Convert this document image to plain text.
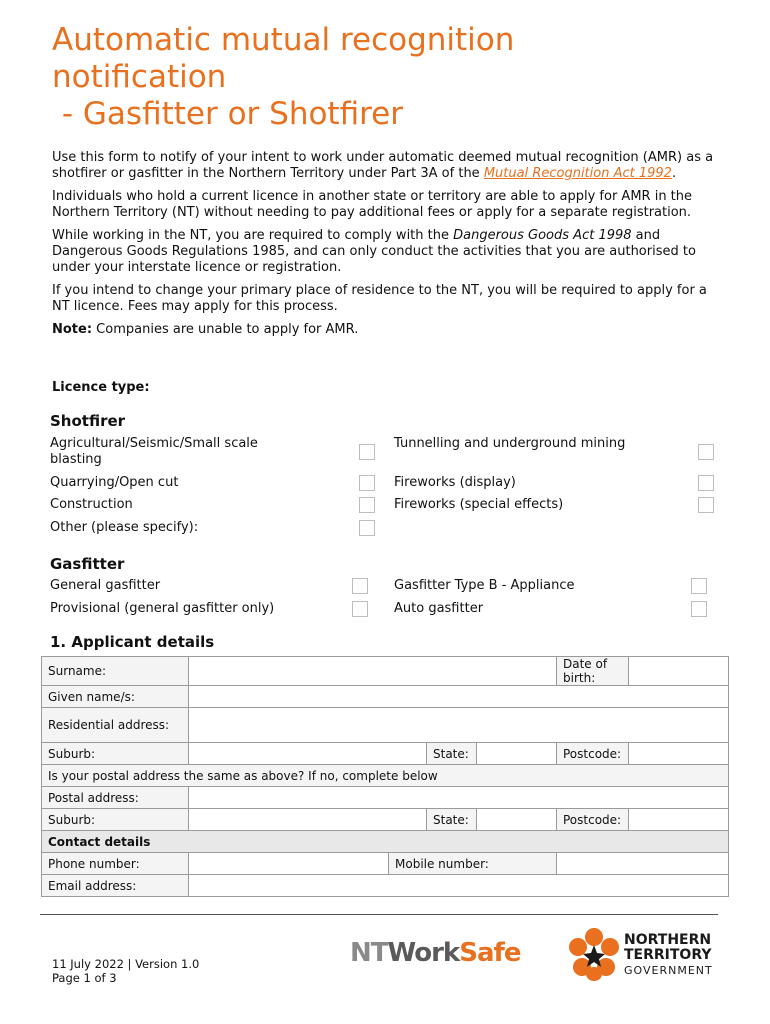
Automatic mutual recognition
notification
- Gasfitter or Shotfirer

Use this form to notify of your intent to work under automatic deemed mutual recognition (AMR) as a shotfirer or gasfitter in the Northern Territory under Part 3A of the Mutual Recognition Act 1992.

Individuals who hold a current licence in another state or territory are able to apply for AMR in the Northern Territory (NT) without needing to pay additional fees or apply for a separate registration.

While working in the NT, you are required to comply with the Dangerous Goods Act 1998 and Dangerous Goods Regulations 1985, and can only conduct the activities that you are authorised to under your interstate licence or registration.

If you intend to change your primary place of residence to the NT, you will be required to apply for a NT licence. Fees may apply for this process.

Note: Companies are unable to apply for AMR.

Licence type:
Shotfirer
Agricultural/Seismic/Small scale blasting
Quarrying/Open cut
Construction
Other (please specify):
Tunnelling and underground mining
Fireworks (display)
Fireworks (special effects)
Gasfitter
General gasfitter
Provisional (general gasfitter only)
Gasfitter Type B - Appliance
Auto gasfitter
1. Applicant details
Surname:					Date of birth:	
Given name/s:						
Residential address:						
Suburb:			State:		Postcode:	
Is your postal address the same as above? If no, complete below						
Postal address:						
Suburb:			State:		Postcode:	
Contact details						
Phone number:		Mobile number:				
Email address:						
11 July 2022 | Version 1.0
Page 1 of 3
NTWorkSafe	NORTHERN
TERRITORY
GOVERNMENT
